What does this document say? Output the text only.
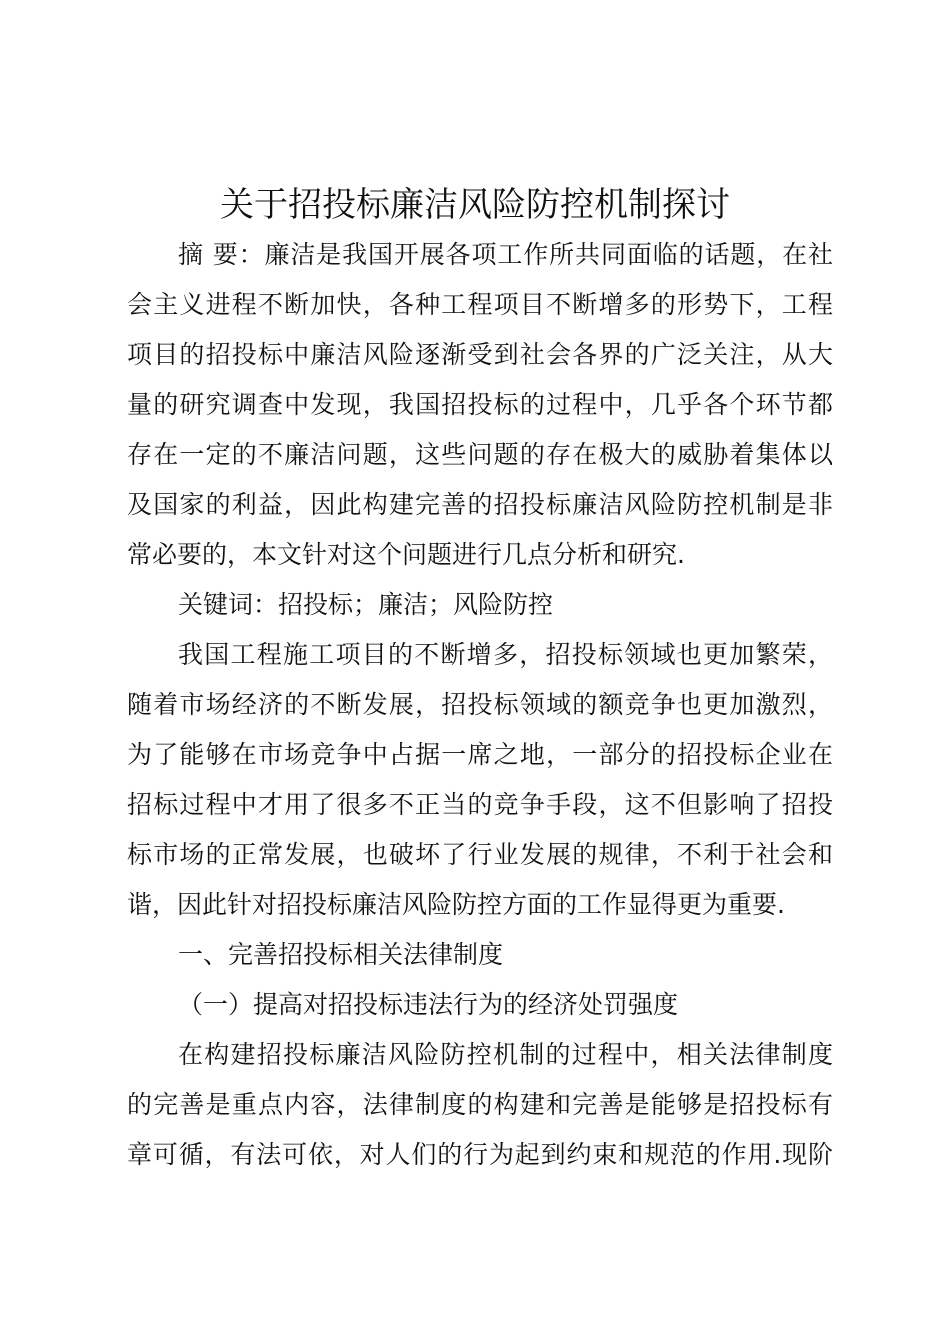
关于招投标廉洁风险防控机制探讨
摘 要：廉洁是我国开展各项工作所共同面临的话题，在社
会主义进程不断加快，各种工程项目不断增多的形势下，工程
项目的招投标中廉洁风险逐渐受到社会各界的广泛关注，从大
量的研究调查中发现，我国招投标的过程中，几乎各个环节都
存在一定的不廉洁问题，这些问题的存在极大的威胁着集体以
及国家的利益，因此构建完善的招投标廉洁风险防控机制是非
常必要的，本文针对这个问题进行几点分析和研究.
关键词：招投标；廉洁；风险防控
我国工程施工项目的不断增多，招投标领域也更加繁荣，
随着市场经济的不断发展，招投标领域的额竞争也更加激烈，
为了能够在市场竞争中占据一席之地，一部分的招投标企业在
招标过程中才用了很多不正当的竞争手段，这不但影响了招投
标市场的正常发展，也破坏了行业发展的规律，不利于社会和
谐，因此针对招投标廉洁风险防控方面的工作显得更为重要.
一、完善招投标相关法律制度
（一）提高对招投标违法行为的经济处罚强度
在构建招投标廉洁风险防控机制的过程中，相关法律制度
的完善是重点内容，法律制度的构建和完善是能够是招投标有
章可循，有法可依，对人们的行为起到约束和规范的作用.现阶
